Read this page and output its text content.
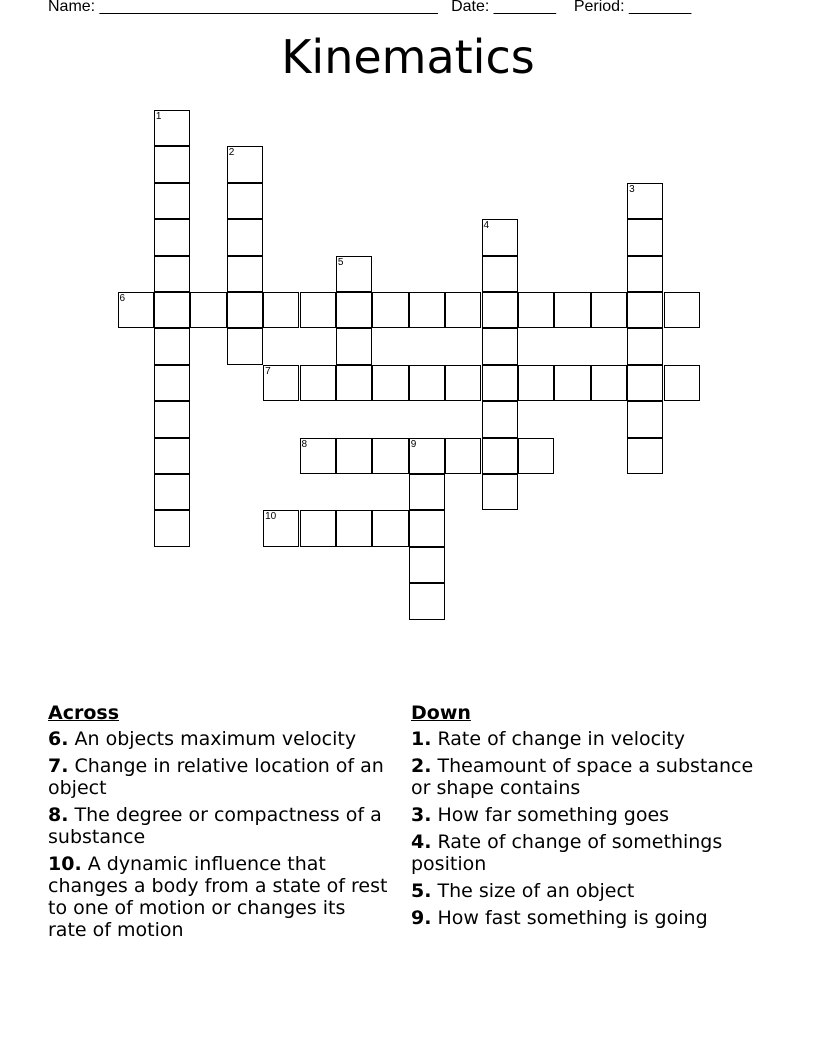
Name: ______________________________________ Date: _______ Period: _______
Kinematics
1
2
3
4
5
6
7
8	9
10
Across
6. An objects maximum velocity
7. Change in relative location of an object
8. The degree or compactness of a substance
10. A dynamic influence that changes a body from a state of rest to one of motion or changes its rate of motion
Down
1. Rate of change in velocity
2. Theamount of space a substance or shape contains
3. How far something goes
4. Rate of change of somethings position
5. The size of an object
9. How fast something is going
